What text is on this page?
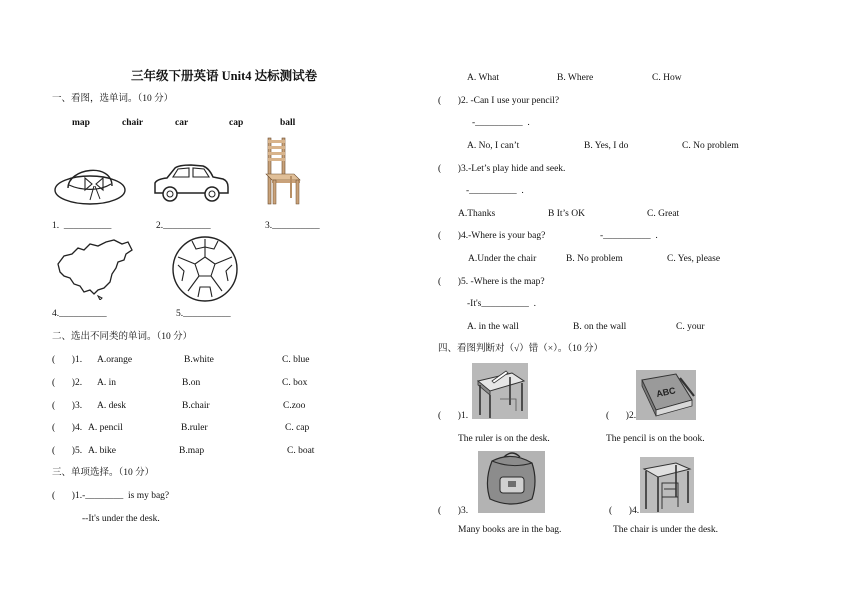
三年级下册英语 Unit4 达标测试卷
一、看图，选单词。（10 分）
map	chair	car	cap	ball
1.  __________	2.__________	3.__________
4.__________	5.__________
二、选出不同类的单词。（10 分）
(       )1. A.orange	B.white	C. blue
(       )2. A. in	B.on	C. box
(       )3. A. desk	B.chair	C.zoo
(       )4. A. pencil	B.ruler	C. cap
(       )5. A. bike	B.map	C. boat
三、单项选择。（10 分）
(       )1.-________  is my bag?
--It's under the desk.
A. What	B. Where	C. How
(       )2. -Can I use your pencil?
-__________  .
A. No, I can’t	B. Yes, I do	C. No problem
(       )3.-Let’s play hide and seek.
-__________  .
A.Thanks	B It’s OK	C. Great
(       )4.-Where is your bag?	-__________  .
A.Under the chair	B. No problem	C. Yes, please
(       )5. -Where is the map?
-It's__________  .
A. in the wall	B. on the wall	C. your
四、看图判断对（√）错（×）。（10 分）
ABC
(       )1.	(       )2.
The ruler is on the desk.	The pencil is on the book.
(       )3.	(       )4.
Many books are in the bag.	The chair is under the desk.
